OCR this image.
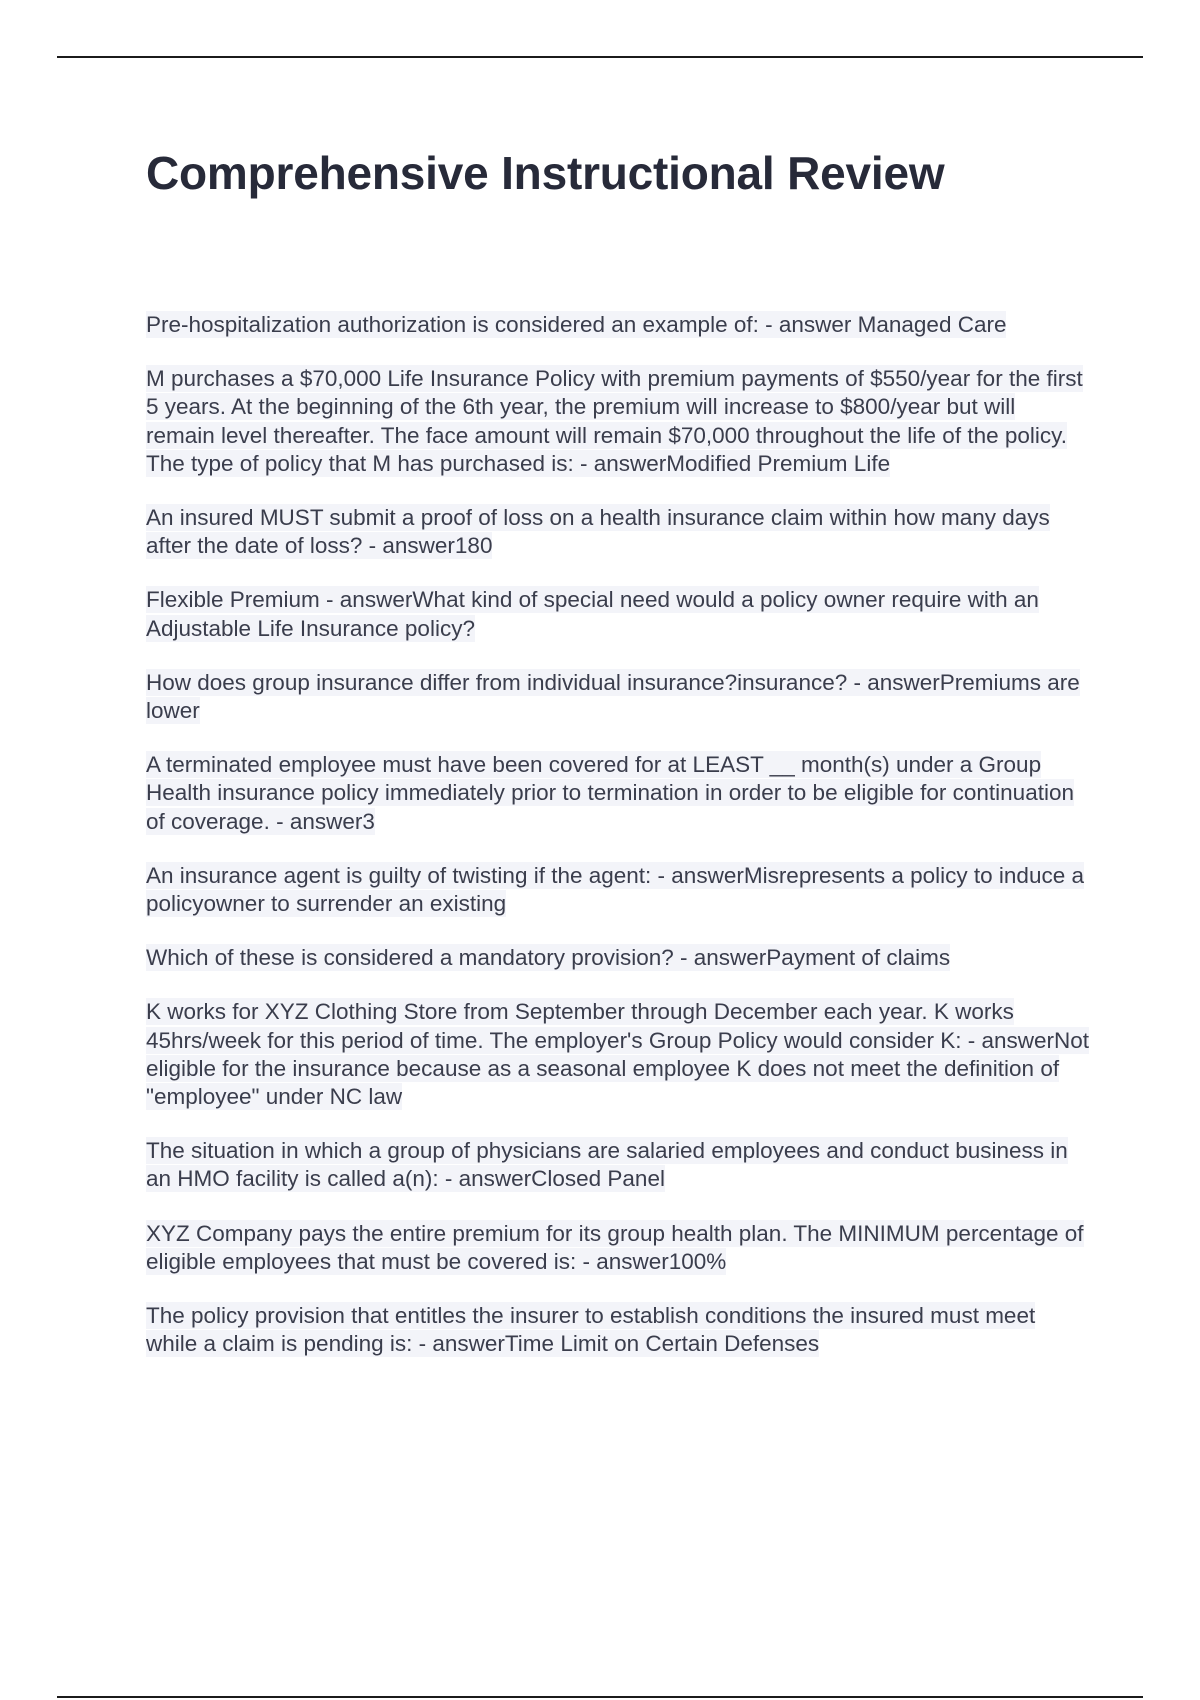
Comprehensive Instructional Review
Pre-hospitalization authorization is considered an example of: - answer Managed Care
M purchases a $70,000 Life Insurance Policy with premium payments of $550/year for the first 5 years. At the beginning of the 6th year, the premium will increase to $800/year but will remain level thereafter. The face amount will remain $70,000 throughout the life of the policy. The type of policy that M has purchased is: - answerModified Premium Life
An insured MUST submit a proof of loss on a health insurance claim within how many days after the date of loss? - answer180
Flexible Premium - answerWhat kind of special need would a policy owner require with an Adjustable Life Insurance policy?
How does group insurance differ from individual insurance?insurance? - answerPremiums are lower
A terminated employee must have been covered for at LEAST __ month(s) under a Group Health insurance policy immediately prior to termination in order to be eligible for continuation of coverage. - answer3
An insurance agent is guilty of twisting if the agent: - answerMisrepresents a policy to induce a policyowner to surrender an existing
Which of these is considered a mandatory provision? - answerPayment of claims
K works for XYZ Clothing Store from September through December each year. K works 45hrs/week for this period of time. The employer's Group Policy would consider K: - answerNot eligible for the insurance because as a seasonal employee K does not meet the definition of "employee" under NC law
The situation in which a group of physicians are salaried employees and conduct business in an HMO facility is called a(n): - answerClosed Panel
XYZ Company pays the entire premium for its group health plan. The MINIMUM percentage of eligible employees that must be covered is: - answer100%
The policy provision that entitles the insurer to establish conditions the insured must meet while a claim is pending is: - answerTime Limit on Certain Defenses
